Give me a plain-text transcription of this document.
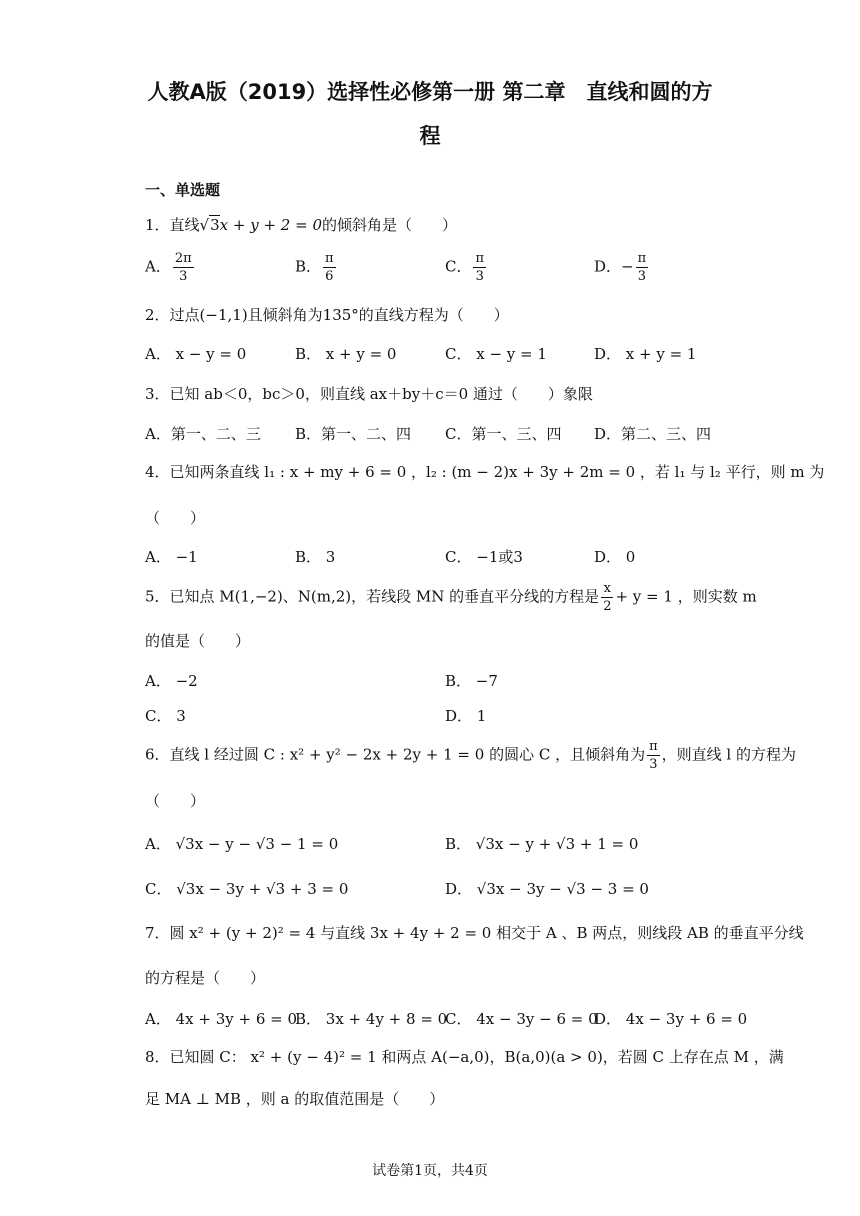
人教A版（2019）选择性必修第一册 第二章　直线和圆的方
程
一、单选题
1．直线√3x + y + 2 = 0的倾斜角是（　　）
A． $\frac{2\pi}{3}$	B． $\frac{\pi}{6}$	C． $\frac{\pi}{3}$	D．− $\frac{\pi}{3}$
2．过点(−1,1)且倾斜角为135°的直线方程为（　　）
A． x − y = 0	B． x + y = 0	C． x − y = 1	D． x + y = 1
3．已知 ab＜0，bc＞0，则直线 ax＋by＋c＝0 通过（　　）象限
A．第一、二、三 B．第一、二、四 C．第一、三、四 D．第二、三、四
4．已知两条直线 l₁ : x + my + 6 = 0 ，l₂ : (m − 2)x + 3y + 2m = 0 ，若 l₁ 与 l₂ 平行，则 m 为
（　　）
A． −1	B． 3	C． −1或3	D． 0
5．已知点 M(1,−2)、N(m,2)，若线段 MN 的垂直平分线的方程是 $\frac{x}{2} + y = 1$ ，则实数 m
的值是（　　）
A． −2	B． −7
C． 3	D． 1
6．直线 l 经过圆 C : x² + y² − 2x + 2y + 1 = 0 的圆心 C ，且倾斜角为 $\frac{\pi}{3}$ ，则直线 l 的方程为
（　　）
A． √3x − y − √3 − 1 = 0	B． √3x − y + √3 + 1 = 0
C． √3x − 3y + √3 + 3 = 0	D． √3x − 3y − √3 − 3 = 0
7．圆 x² + (y + 2)² = 4 与直线 3x + 4y + 2 = 0 相交于 A 、B 两点，则线段 AB 的垂直平分线
的方程是（　　）
A． 4x + 3y + 6 = 0
B． 3x + 4y + 8 = 0
C． 4x − 3y − 6 = 0
D． 4x − 3y + 6 = 0
8．已知圆 C： x² + (y − 4)² = 1 和两点 A(−a,0)，B(a,0)(a > 0)，若圆 C 上存在点 M ，满
足 MA ⊥ MB ，则 a 的取值范围是（　　）
试卷第1页，共4页
